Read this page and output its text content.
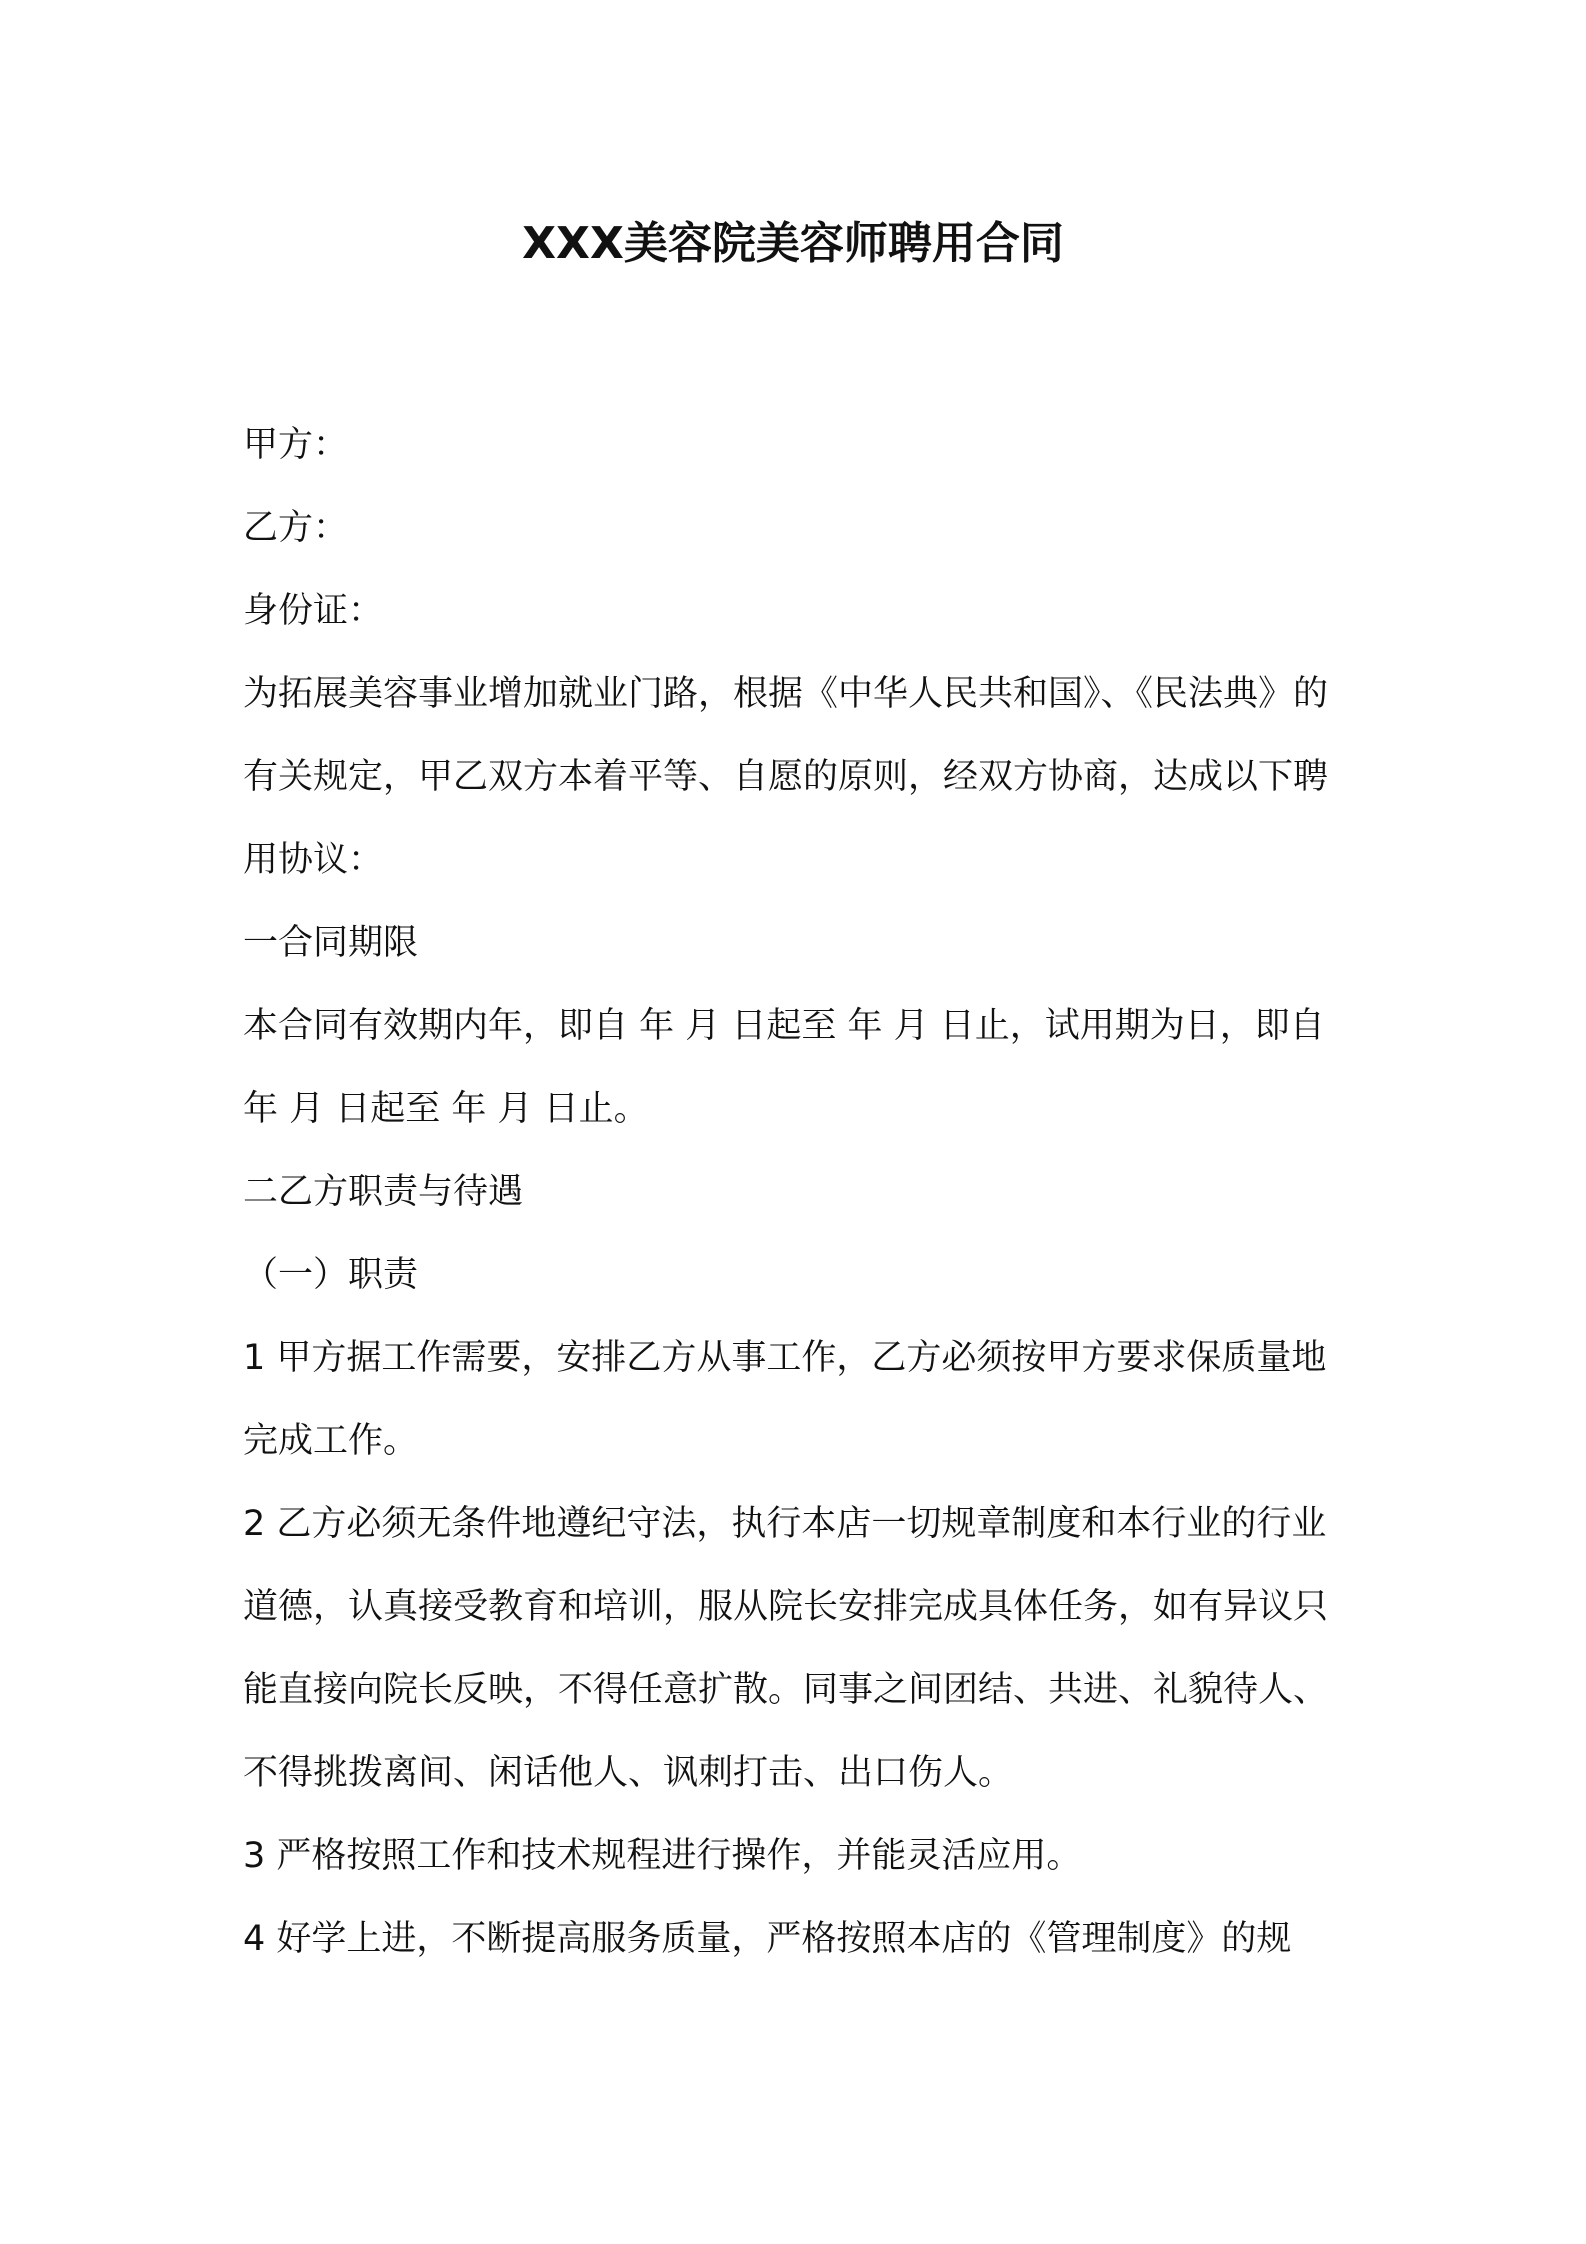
XXX美容院美容师聘用合同

甲方：

乙方：

身份证：

为拓展美容事业增加就业门路，根据《中华人民共和国》、《民法典》的有关规定，甲乙双方本着平等、自愿的原则，经双方协商，达成以下聘用协议：

一合同期限

本合同有效期内年，即自 年 月 日起至 年 月 日止，试用期为日，即自 年 月 日起至 年 月 日止。

二乙方职责与待遇

（一）职责

1 甲方据工作需要，安排乙方从事工作，乙方必须按甲方要求保质量地完成工作。

2 乙方必须无条件地遵纪守法，执行本店一切规章制度和本行业的行业道德，认真接受教育和培训，服从院长安排完成具体任务，如有异议只能直接向院长反映，不得任意扩散。同事之间团结、共进、礼貌待人、不得挑拨离间、闲话他人、讽刺打击、出口伤人。

3 严格按照工作和技术规程进行操作，并能灵活应用。

4 好学上进，不断提高服务质量，严格按照本店的《管理制度》的规
